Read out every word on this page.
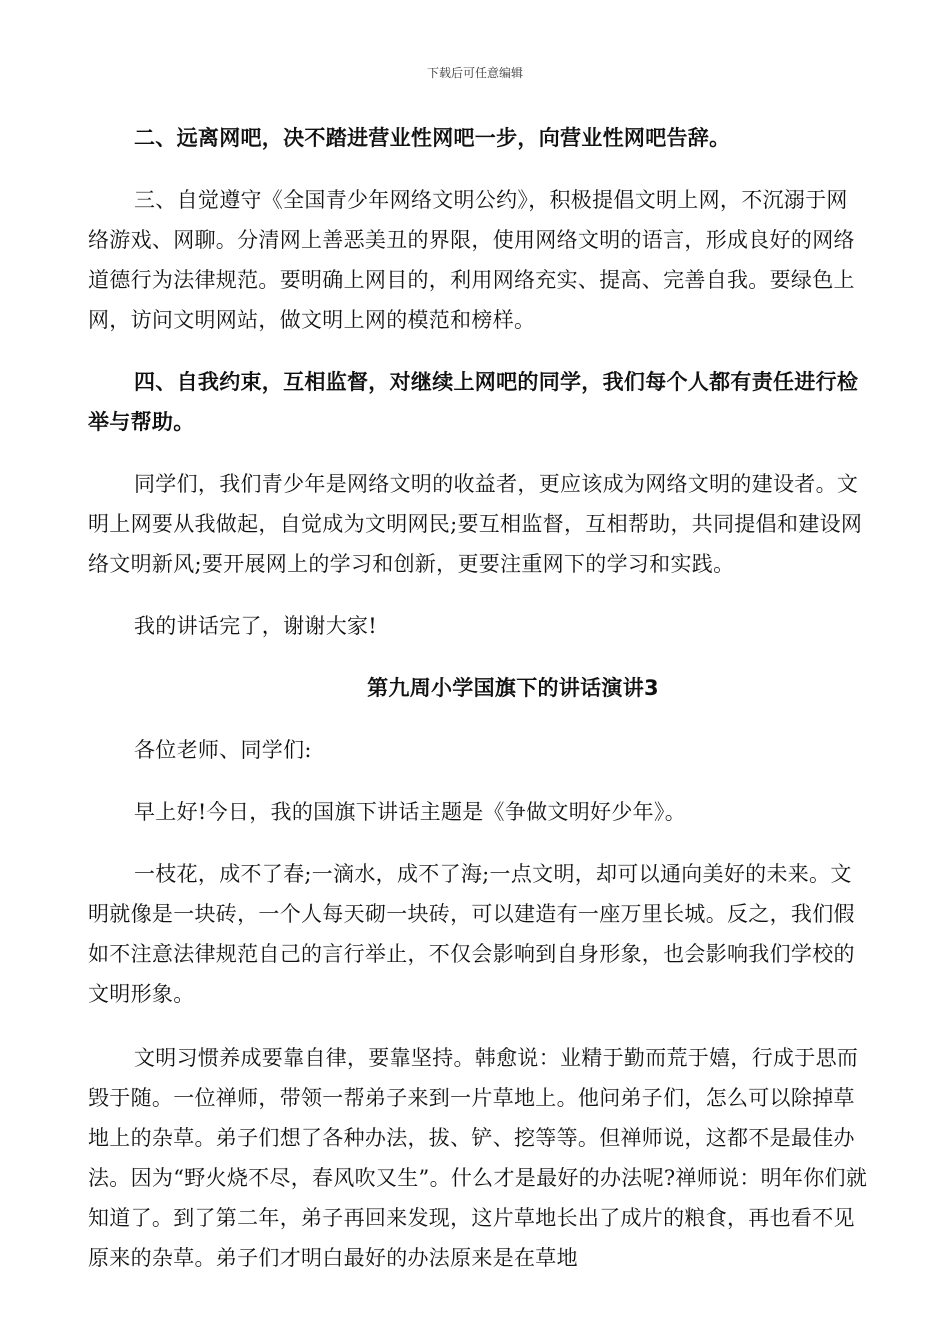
下载后可任意编辑

二、远离网吧，决不踏进营业性网吧一步，向营业性网吧告辞。

三、自觉遵守《全国青少年网络文明公约》，积极提倡文明上网，不沉溺于网络游戏、网聊。分清网上善恶美丑的界限，使用网络文明的语言，形成良好的网络道德行为法律规范。要明确上网目的，利用网络充实、提高、完善自我。要绿色上网，访问文明网站，做文明上网的模范和榜样。

四、自我约束，互相监督，对继续上网吧的同学，我们每个人都有责任进行检举与帮助。

同学们，我们青少年是网络文明的收益者，更应该成为网络文明的建设者。文明上网要从我做起，自觉成为文明网民;要互相监督，互相帮助，共同提倡和建设网络文明新风;要开展网上的学习和创新，更要注重网下的学习和实践。

我的讲话完了，谢谢大家!

第九周小学国旗下的讲话演讲3

各位老师、同学们:

早上好!今日，我的国旗下讲话主题是《争做文明好少年》。

一枝花，成不了春;一滴水，成不了海;一点文明，却可以通向美好的未来。文明就像是一块砖，一个人每天砌一块砖，可以建造有一座万里长城。反之，我们假如不注意法律规范自己的言行举止，不仅会影响到自身形象，也会影响我们学校的文明形象。

文明习惯养成要靠自律，要靠坚持。韩愈说：业精于勤而荒于嬉，行成于思而毁于随。一位禅师，带领一帮弟子来到一片草地上。他问弟子们，怎么可以除掉草地上的杂草。弟子们想了各种办法，拔、铲、挖等等。但禅师说，这都不是最佳办法。因为“野火烧不尽，春风吹又生”。什么才是最好的办法呢?禅师说：明年你们就知道了。到了第二年，弟子再回来发现，这片草地长出了成片的粮食，再也看不见原来的杂草。弟子们才明白最好的办法原来是在草地
